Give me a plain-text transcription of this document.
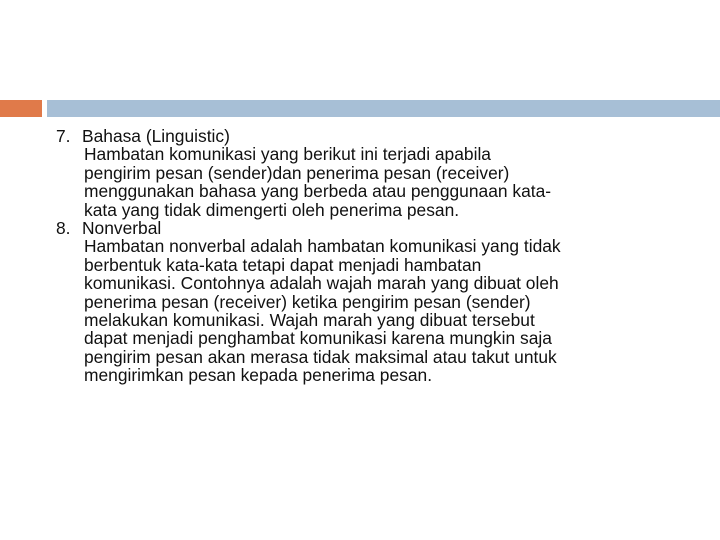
7. Bahasa (Linguistic)
Hambatan komunikasi yang berikut ini terjadi apabila
pengirim pesan (sender)dan penerima pesan (receiver)
menggunakan bahasa yang berbeda atau penggunaan kata-
kata yang tidak dimengerti oleh penerima pesan.
8. Nonverbal
Hambatan nonverbal adalah hambatan komunikasi yang tidak
berbentuk kata-kata tetapi dapat menjadi hambatan
komunikasi. Contohnya adalah wajah marah yang dibuat oleh
penerima pesan (receiver) ketika pengirim pesan (sender)
melakukan komunikasi. Wajah marah yang dibuat tersebut
dapat menjadi penghambat komunikasi karena mungkin saja
pengirim pesan akan merasa tidak maksimal atau takut untuk
mengirimkan pesan kepada penerima pesan.
